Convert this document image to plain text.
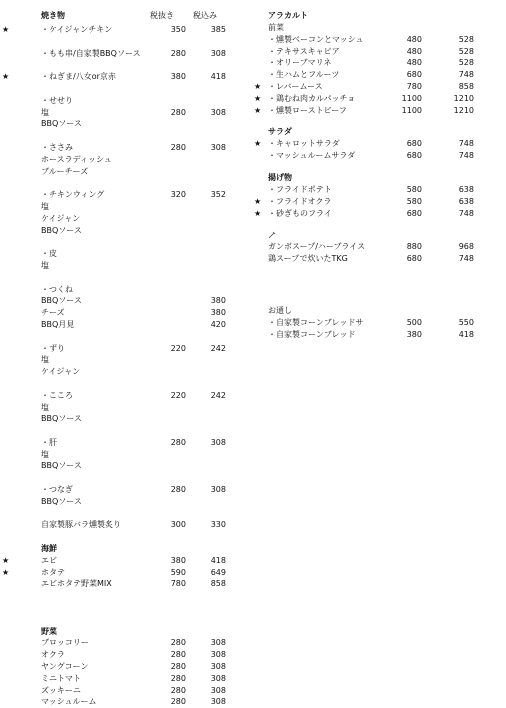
焼き物	税抜き 税込み
★	・ケイジャンチキン	350	385
・もも串/自家製BBQソース	280	308
★	・ねぎま/八女or京赤	380	418
・せせり
塩	280	308
BBQソース
・ささみ	280	308
ホースラディッシュ
ブルーチーズ
・チキンウィング	320	352
塩
ケイジャン
BBQソース
・皮
塩
・つくね
BBQソース	380
チーズ	380
BBQ月見	420
・ずり	220	242
塩
ケイジャン
・こころ	220	242
塩
BBQソース
・肝	280	308
塩
BBQソース
・つなぎ	280	308
BBQソース
自家製豚バラ燻製炙り	300	330
海鮮
★	エビ	380	418
★	ホタテ	590	649
エビホタテ野菜MIX	780	858
野菜
ブロッコリー	280	308
オクラ	280	308
ヤングコーン	280	308
ミニトマト	280	308
ズッキーニ	280	308
マッシュルーム	280	308
アラカルト
前菜
・燻製ベーコンとマッシュ	480	528
・テキサスキャビア	480	528
・オリーブマリネ	480	528
・生ハムとフルーツ	680	748
★ ・レバームース	780	858
★ ・鶏むね肉カルパッチョ	1100	1210
★ ・燻製ローストビーフ	1100	1210
サラダ
★ ・キャロットサラダ	680	748
・マッシュルームサラダ	680	748
揚げ物
・フライドポテト	580	638
★ ・フライドオクラ	580	638
★ ・砂ぎものフライ	680	748
ガンボスープ/ハーブライス	880	968
鶏スープで炊いたTKG	680	748
お通し
・自家製コーンブレッドサ	500	550
・自家製コーンブレッド	380	418
